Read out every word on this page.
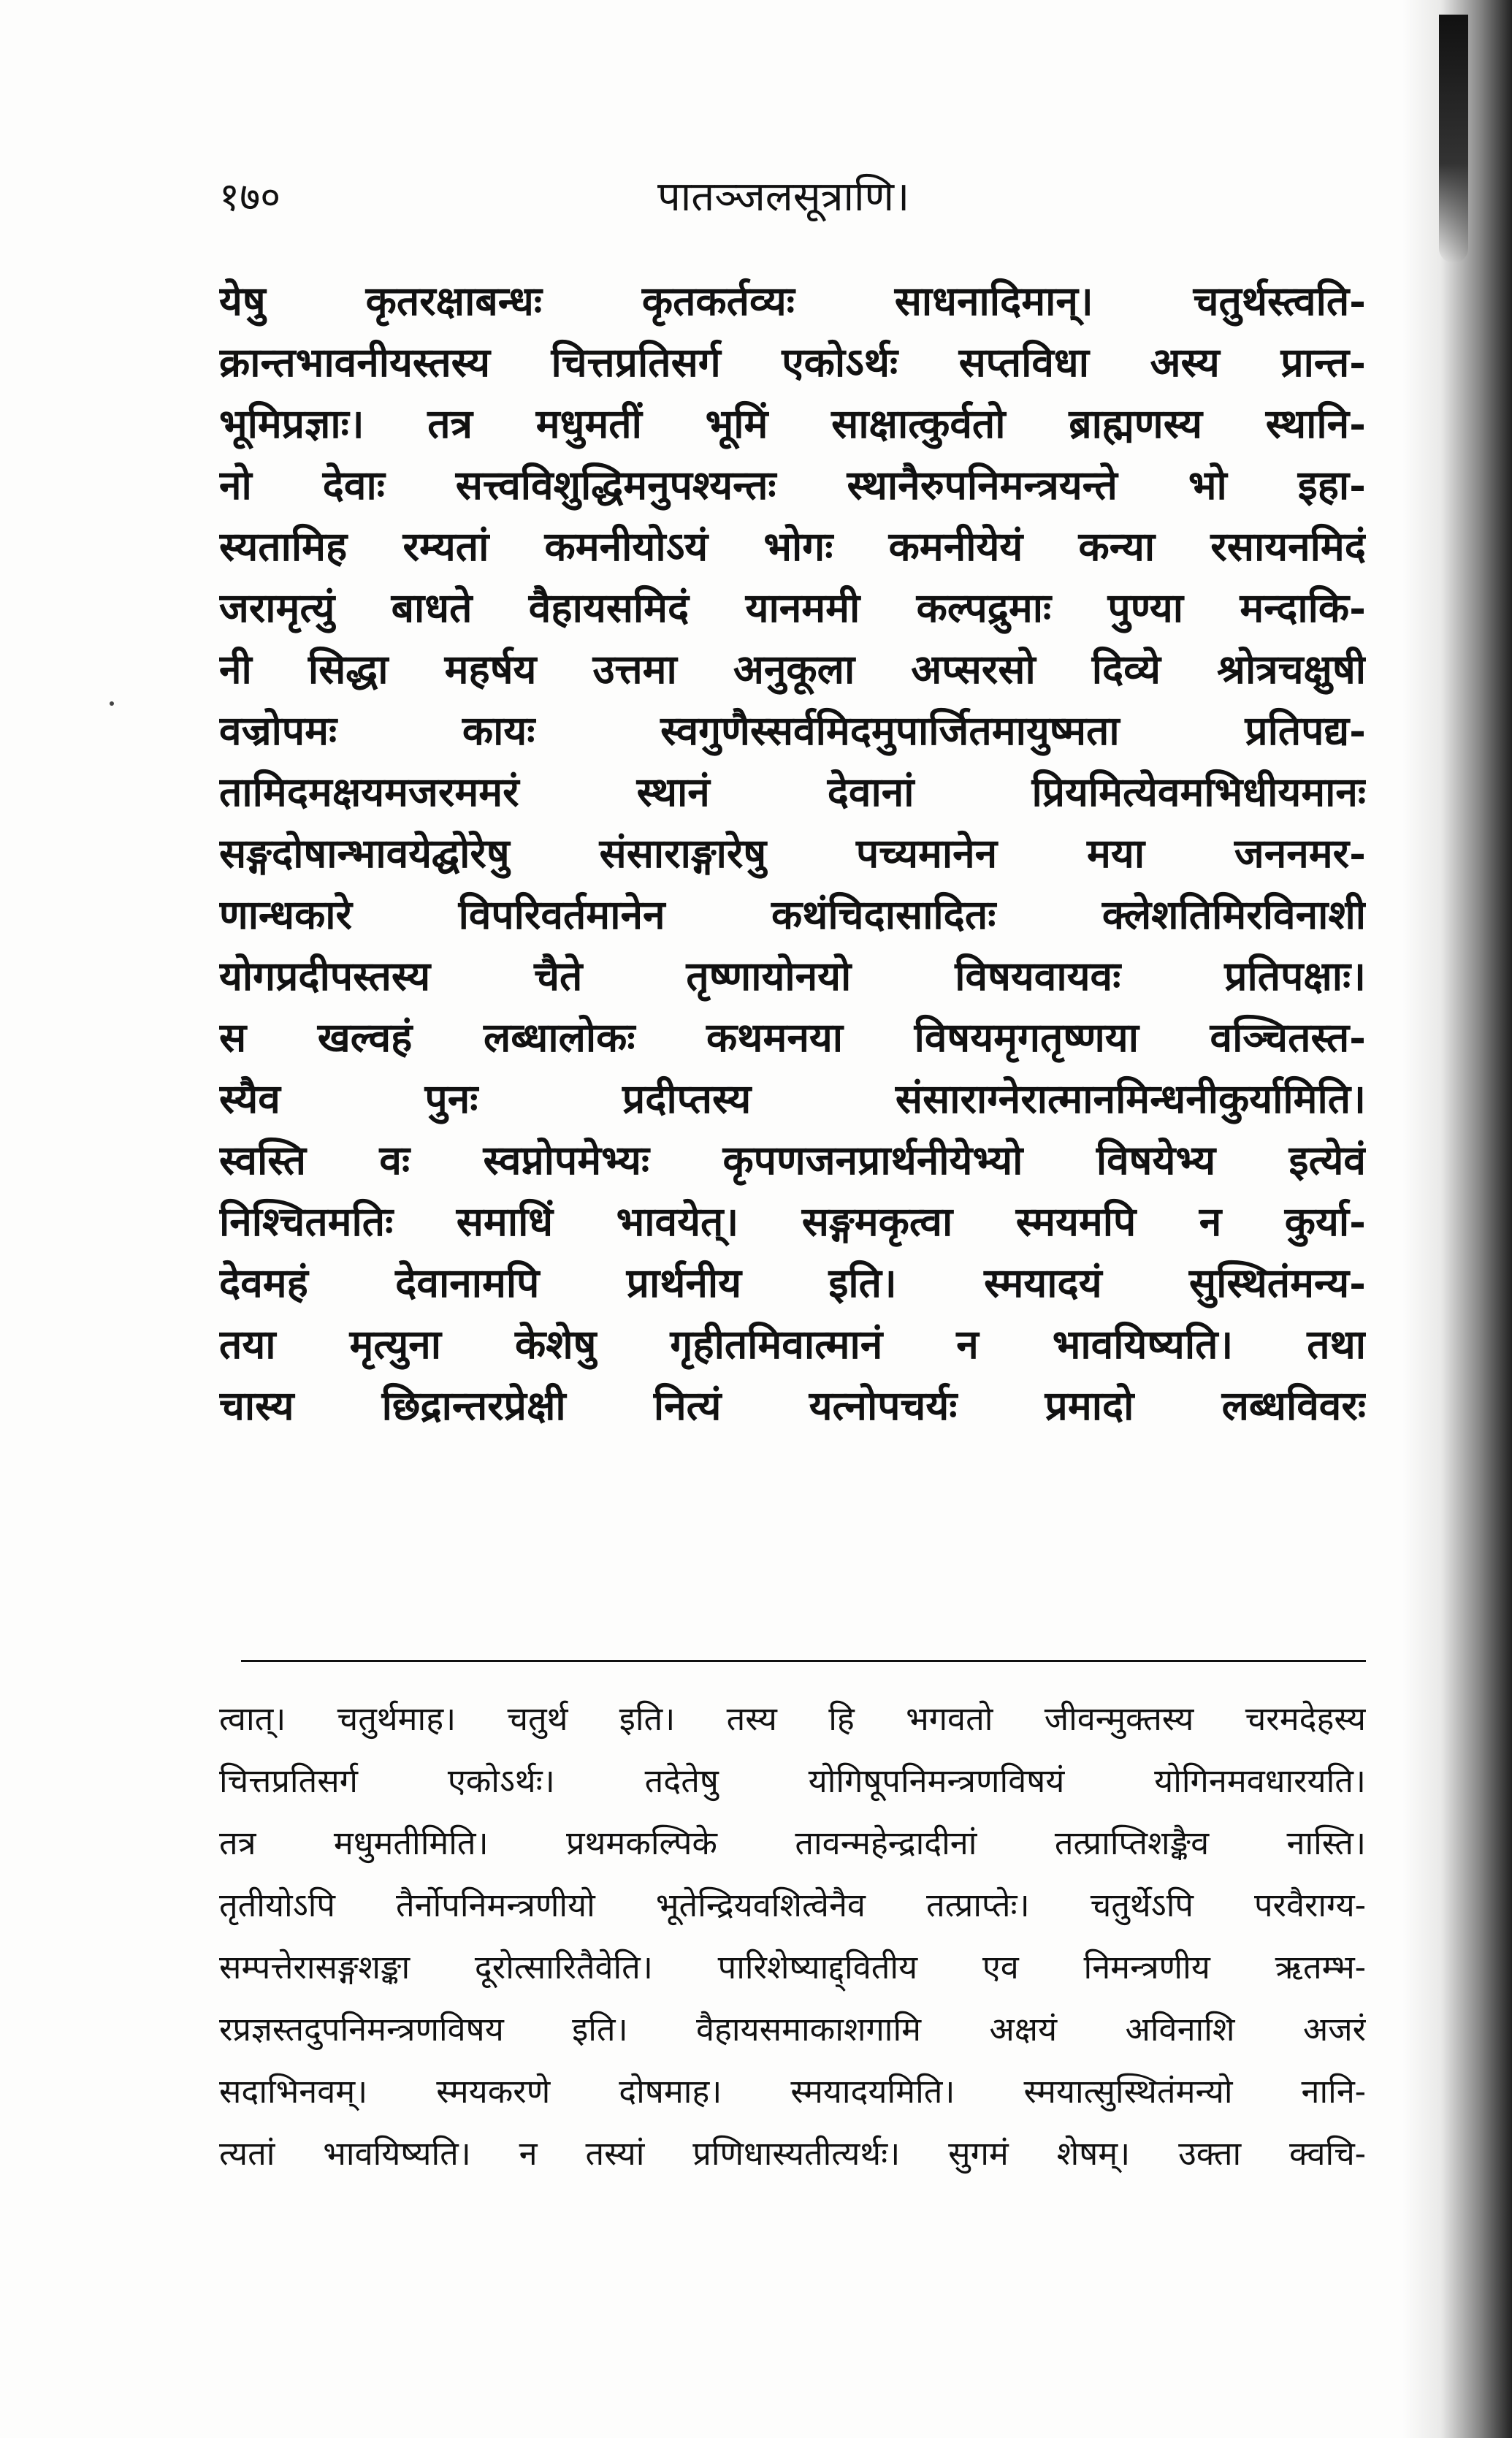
१७०	पातञ्जलसूत्राणि।
येषु कृतरक्षाबन्धः कृतकर्तव्यः साधनादिमान्। चतुर्थस्त्वति-
क्रान्तभावनीयस्तस्य चित्तप्रतिसर्ग एकोऽर्थः सप्तविधा अस्य प्रान्त-
भूमिप्रज्ञाः। तत्र मधुमतीं भूमिं साक्षात्कुर्वतो ब्राह्मणस्य स्थानि-
नो देवाः सत्त्वविशुद्धिमनुपश्यन्तः स्थानैरुपनिमन्त्रयन्ते भो इहा-
स्यतामिह रम्यतां कमनीयोऽयं भोगः कमनीयेयं कन्या रसायनमिदं
जरामृत्युं बाधते वैहायसमिदं यानममी कल्पद्रुमाः पुण्या मन्दाकि-
नी सिद्धा महर्षय उत्तमा अनुकूला अप्सरसो दिव्ये श्रोत्रचक्षुषी
वज्रोपमः कायः स्वगुणैस्सर्वमिदमुपार्जितमायुष्मता प्रतिपद्य-
तामिदमक्षयमजरममरं स्थानं देवानां प्रियमित्येवमभिधीयमानः
सङ्गदोषान्भावयेद्घोरेषु संसाराङ्गारेषु पच्यमानेन मया जननमर-
णान्धकारे विपरिवर्तमानेन कथंचिदासादितः क्लेशतिमिरविनाशी
योगप्रदीपस्तस्य चैते तृष्णायोनयो विषयवायवः प्रतिपक्षाः।
स खल्वहं लब्धालोकः कथमनया विषयमृगतृष्णया वञ्चितस्त-
स्यैव पुनः प्रदीप्तस्य संसाराग्नेरात्मानमिन्धनीकुर्यामिति।
स्वस्ति वः स्वप्नोपमेभ्यः कृपणजनप्रार्थनीयेभ्यो विषयेभ्य इत्येवं
निश्चितमतिः समाधिं भावयेत्। सङ्गमकृत्वा स्मयमपि न कुर्या-
देवमहं देवानामपि प्रार्थनीय इति। स्मयादयं सुस्थितंमन्य-
तया मृत्युना केशेषु गृहीतमिवात्मानं न भावयिष्यति। तथा
चास्य छिद्रान्तरप्रेक्षी नित्यं यत्नोपचर्यः प्रमादो लब्धविवरः
त्वात्। चतुर्थमाह। चतुर्थ इति। तस्य हि भगवतो जीवन्मुक्तस्य चरमदेहस्य
चित्तप्रतिसर्ग एकोऽर्थः। तदेतेषु योगिषूपनिमन्त्रणविषयं योगिनमवधारयति।
तत्र मधुमतीमिति। प्रथमकल्पिके तावन्महेन्द्रादीनां तत्प्राप्तिशङ्कैव नास्ति।
तृतीयोऽपि तैर्नोपनिमन्त्रणीयो भूतेन्द्रियवशित्वेनैव तत्प्राप्तेः। चतुर्थेऽपि परवैराग्य-
सम्पत्तेरासङ्गशङ्का दूरोत्सारितैवेति। पारिशेष्याद्द्वितीय एव निमन्त्रणीय ऋतम्भ-
रप्रज्ञस्तदुपनिमन्त्रणविषय इति। वैहायसमाकाशगामि अक्षयं अविनाशि अजरं
सदाभिनवम्। स्मयकरणे दोषमाह। स्मयादयमिति। स्मयात्सुस्थितंमन्यो नानि-
त्यतां भावयिष्यति। न तस्यां प्रणिधास्यतीत्यर्थः। सुगमं शेषम्। उक्ता क्वचि-
